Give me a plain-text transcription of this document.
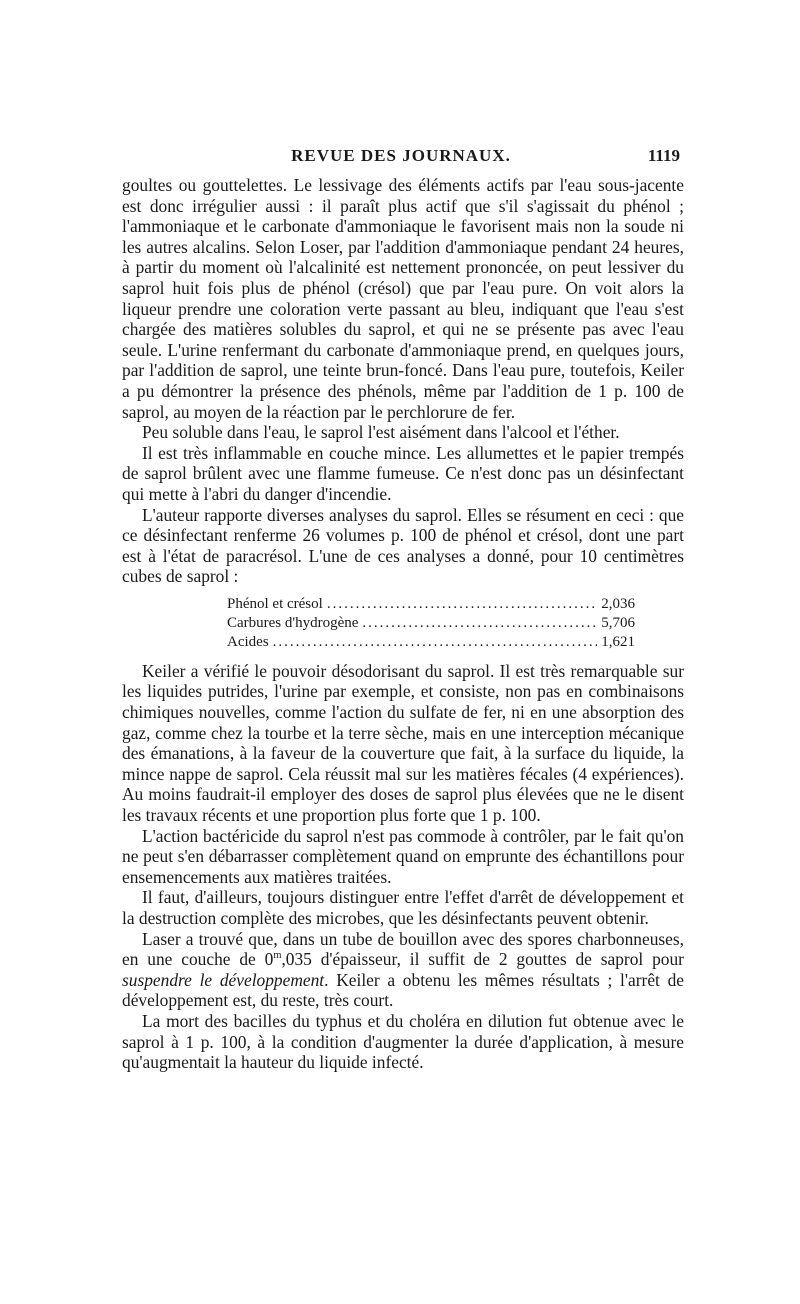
REVUE DES JOURNAUX.	1119

goultes ou gouttelettes. Le lessivage des éléments actifs par l'eau sous-jacente est donc irrégulier aussi : il paraît plus actif que s'il s'agissait du phénol ; l'ammoniaque et le carbonate d'ammoniaque le favorisent mais non la soude ni les autres alcalins. Selon Loser, par l'addition d'ammoniaque pendant 24 heures, à partir du moment où l'alcalinité est nettement prononcée, on peut lessiver du saprol huit fois plus de phénol (crésol) que par l'eau pure. On voit alors la liqueur prendre une coloration verte passant au bleu, indiquant que l'eau s'est chargée des matières solubles du saprol, et qui ne se présente pas avec l'eau seule. L'urine renfermant du carbonate d'ammoniaque prend, en quelques jours, par l'addition de saprol, une teinte brun-foncé. Dans l'eau pure, toutefois, Keiler a pu démontrer la présence des phénols, même par l'addition de 1 p. 100 de saprol, au moyen de la réaction par le perchlorure de fer.

Peu soluble dans l'eau, le saprol l'est aisément dans l'alcool et l'éther.

Il est très inflammable en couche mince. Les allumettes et le papier trempés de saprol brûlent avec une flamme fumeuse. Ce n'est donc pas un désinfectant qui mette à l'abri du danger d'incendie.

L'auteur rapporte diverses analyses du saprol. Elles se résument en ceci : que ce désinfectant renferme 26 volumes p. 100 de phénol et crésol, dont une part est à l'état de paracrésol. L'une de ces analyses a donné, pour 10 centimètres cubes de saprol :

Phénol et crésol .....	2,036
Carbures d'hydrogène .....	5,706
Acides .....	1,621

Keiler a vérifié le pouvoir désodorisant du saprol. Il est très remarquable sur les liquides putrides, l'urine par exemple, et consiste, non pas en combinaisons chimiques nouvelles, comme l'action du sulfate de fer, ni en une absorption des gaz, comme chez la tourbe et la terre sèche, mais en une interception mécanique des émanations, à la faveur de la couverture que fait, à la surface du liquide, la mince nappe de saprol. Cela réussit mal sur les matières fécales (4 expériences). Au moins faudrait-il employer des doses de saprol plus élevées que ne le disent les travaux récents et une proportion plus forte que 1 p. 100.

L'action bactéricide du saprol n'est pas commode à contrôler, par le fait qu'on ne peut s'en débarrasser complètement quand on emprunte des échantillons pour ensemencements aux matières traitées.

Il faut, d'ailleurs, toujours distinguer entre l'effet d'arrêt de développement et la destruction complète des microbes, que les désinfectants peuvent obtenir.

Laser a trouvé que, dans un tube de bouillon avec des spores charbonneuses, en une couche de 0$^m$,035 d'épaisseur, il suffit de 2 gouttes de saprol pour suspendre le développement. Keiler a obtenu les mêmes résultats ; l'arrêt de développement est, du reste, très court.

La mort des bacilles du typhus et du choléra en dilution fut obtenue avec le saprol à 1 p. 100, à la condition d'augmenter la durée d'application, à mesure qu'augmentait la hauteur du liquide infecté.
